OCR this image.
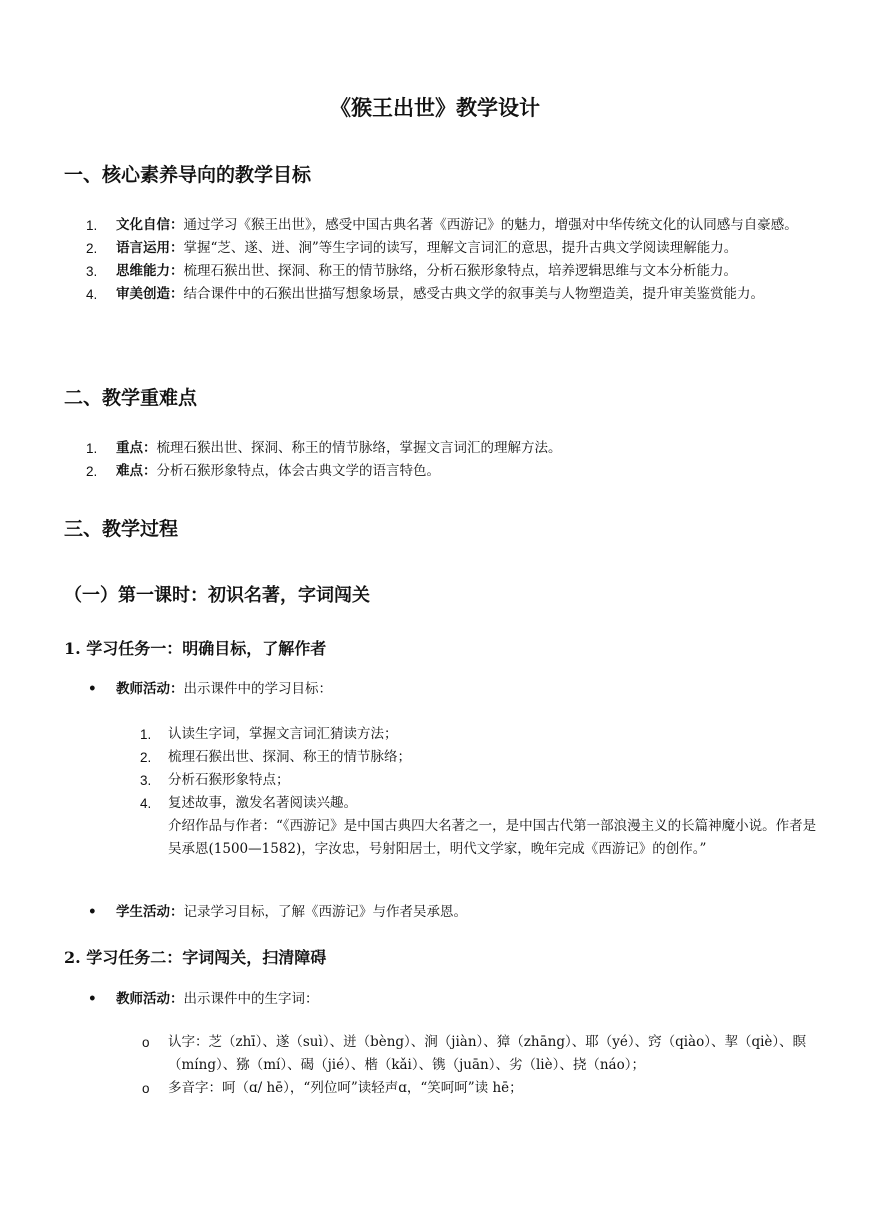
《猴王出世》教学设计
一、核心素养导向的教学目标
1. 文化自信：通过学习《猴王出世》，感受中国古典名著《西游记》的魅力，增强对中华传统文化的认同感与自豪感。
2. 语言运用：掌握“芝、遂、迸、涧”等生字词的读写，理解文言词汇的意思，提升古典文学阅读理解能力。
3. 思维能力：梳理石猴出世、探洞、称王的情节脉络，分析石猴形象特点，培养逻辑思维与文本分析能力。
4. 审美创造：结合课件中的石猴出世描写想象场景，感受古典文学的叙事美与人物塑造美，提升审美鉴赏能力。
二、教学重难点
1. 重点：梳理石猴出世、探洞、称王的情节脉络，掌握文言词汇的理解方法。
2. 难点：分析石猴形象特点，体会古典文学的语言特色。
三、教学过程
（一）第一课时：初识名著，字词闯关
1. 学习任务一：明确目标，了解作者
•	教师活动：出示课件中的学习目标：
1. 认读生字词，掌握文言词汇猜读方法；
2. 梳理石猴出世、探洞、称王的情节脉络；
3. 分析石猴形象特点；
4. 复述故事，激发名著阅读兴趣。
介绍作品与作者：“《西游记》是中国古典四大名著之一，是中国古代第一部浪漫主义的长篇神魔小说。作者是吴承恩(1500—1582)，字汝忠，号射阳居士，明代文学家，晚年完成《西游记》的创作。”
•	学生活动：记录学习目标，了解《西游记》与作者吴承恩。
2. 学习任务二：字词闯关，扫清障碍
•	教师活动：出示课件中的生字词：
o 认字：芝（zhī）、遂（suì）、迸（bèng）、涧（jiàn）、獐（zhāng）、耶（yé）、窍（qiào）、挈（qiè）、瞑（míng）、猕（mí）、碣（jié）、楷（kǎi）、镌（juān）、劣（liè）、挠（náo）；
o 多音字：呵（ɑ/ hē），“列位呵”读轻声ɑ，“笑呵呵”读 hē；
